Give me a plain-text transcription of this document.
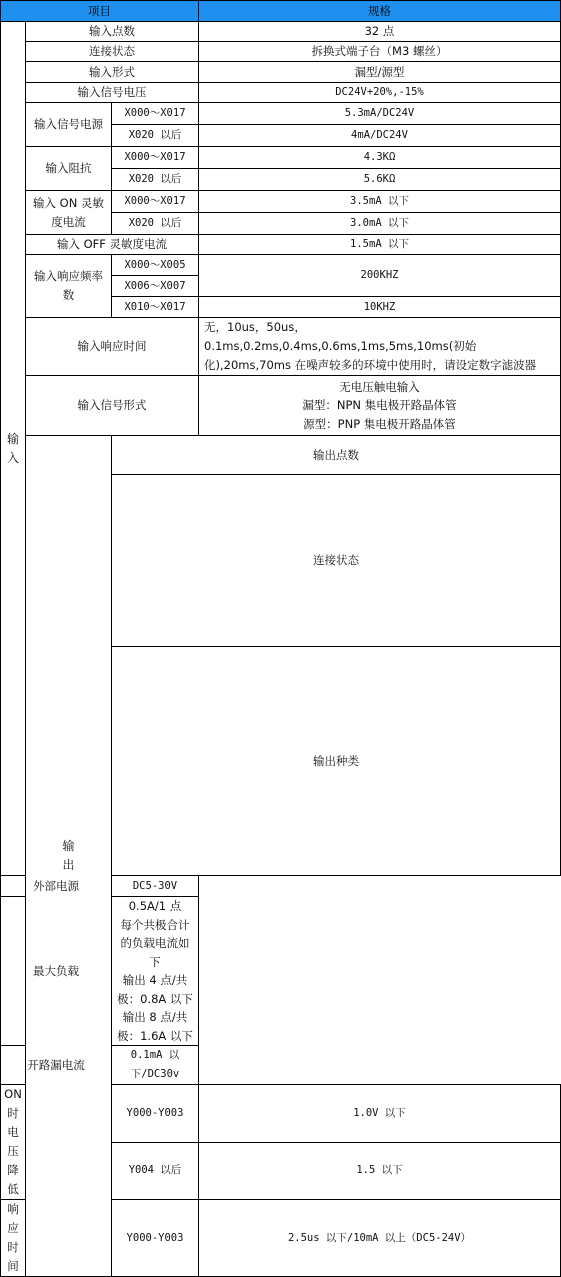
项目			规格	

输
入	输入点数		32 点	
	连接状态		拆换式端子台（M3 螺丝）	
	输入形式		漏型/源型	
	输入信号电压		DC24V+20%,-15%	
	输入信号电源	X000～X017	5.3mA/DC24V	
		X020 以后	4mA/DC24V	
	输入阻抗	X000～X017	4.3KΩ	
		X020 以后	5.6KΩ	
	输入 ON 灵敏度电流	X000～X017	3.5mA 以下	
		X020 以后	3.0mA 以下	
	输入 OFF 灵敏度电流		1.5mA 以下	
	输入响应频率数	X000～X005	200KHZ	
		X006～X007		
		X010～X017	10KHZ	
	输入响应时间		无，10us，50us，0.1ms,0.2ms,0.4ms,0.6ms,1ms,5ms,10ms(初始化),20ms,70ms 在噪声较多的环境中使用时，请设定数字滤波器	
	输入信号形式		无电压触电输入
漏型：NPN 集电极开路晶体管
源型：PNP 集电极开路晶体管	

	输
出	输出点数	
		连接状态	
		输出种类	
外部电源		DC5-30V		
最大负载		0.5A/1 点
每个共极合计的负载电流如下
输出 4 点/共极：0.8A 以下
输出 8 点/共极：1.6A 以下		

开路漏电流		0.1mA 以下/DC30v		
ON 时电压降低		Y000-Y003	1.0V 以下	
		Y004 以后	1.5 以下	
响应时间		Y000-Y003	2.5us 以下/10mA 以上（DC5-24V）	
